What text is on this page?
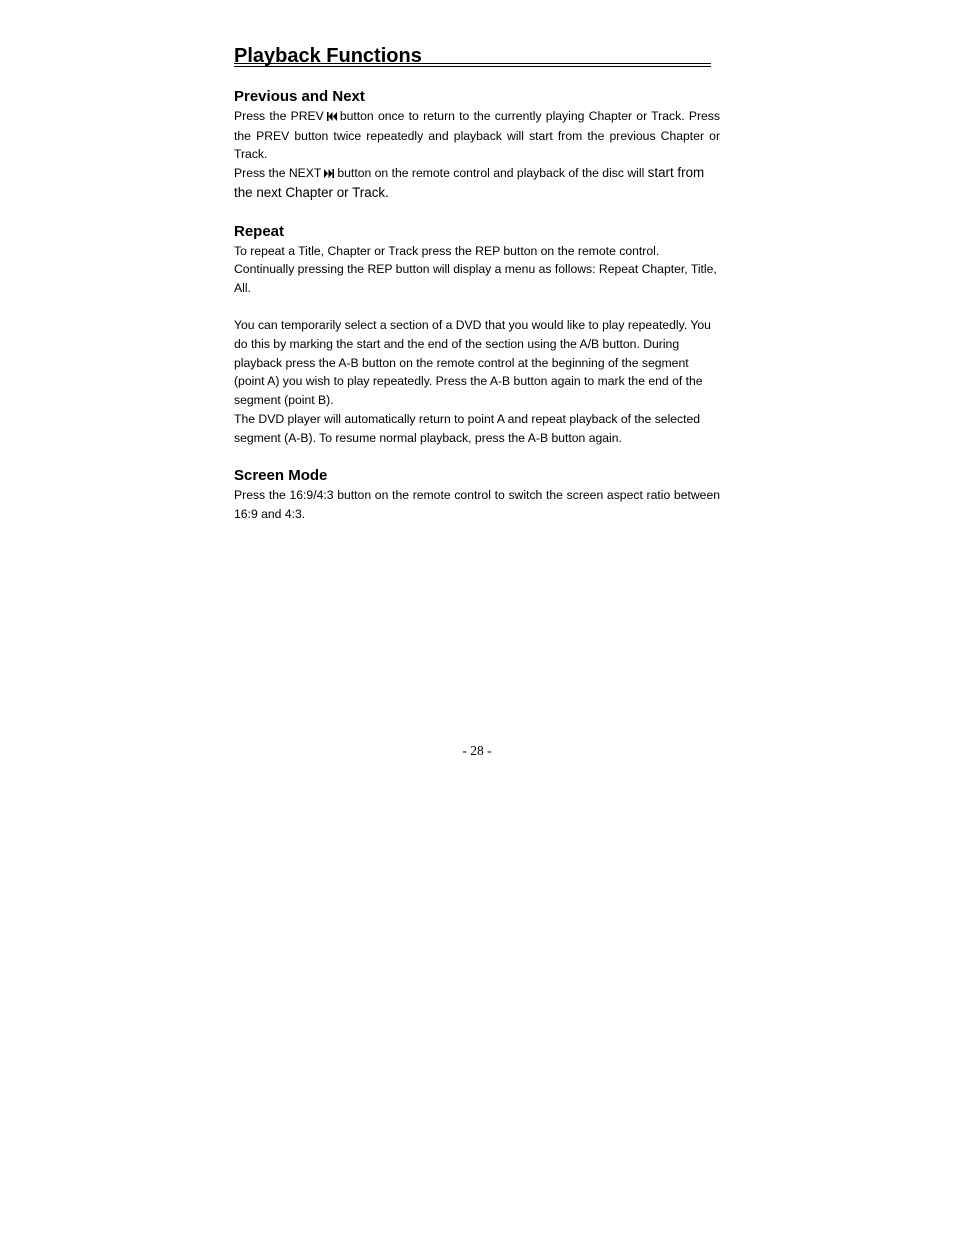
Playback Functions
Previous and Next

Press the PREV button once to return to the currently playing Chapter or Track. Press the PREV button twice repeatedly and playback will start from the previous Chapter or Track.

Press the NEXT button on the remote control and playback of the disc will start from the next Chapter or Track.

Repeat

To repeat a Title, Chapter or Track press the REP button on the remote control.

Continually pressing the REP button will display a menu as follows: Repeat Chapter, Title, All.

You can temporarily select a section of a DVD that you would like to play repeatedly. You do this by marking the start and the end of the section using the A/B button. During playback press the A-B button on the remote control at the beginning of the segment (point A) you wish to play repeatedly. Press the A-B button again to mark the end of the segment (point B).

The DVD player will automatically return to point A and repeat playback of the selected segment (A-B). To resume normal playback, press the A-B button again.

Screen Mode

Press the 16:9/4:3 button on the remote control to switch the screen aspect ratio between 16:9 and 4:3.

- 28 -
